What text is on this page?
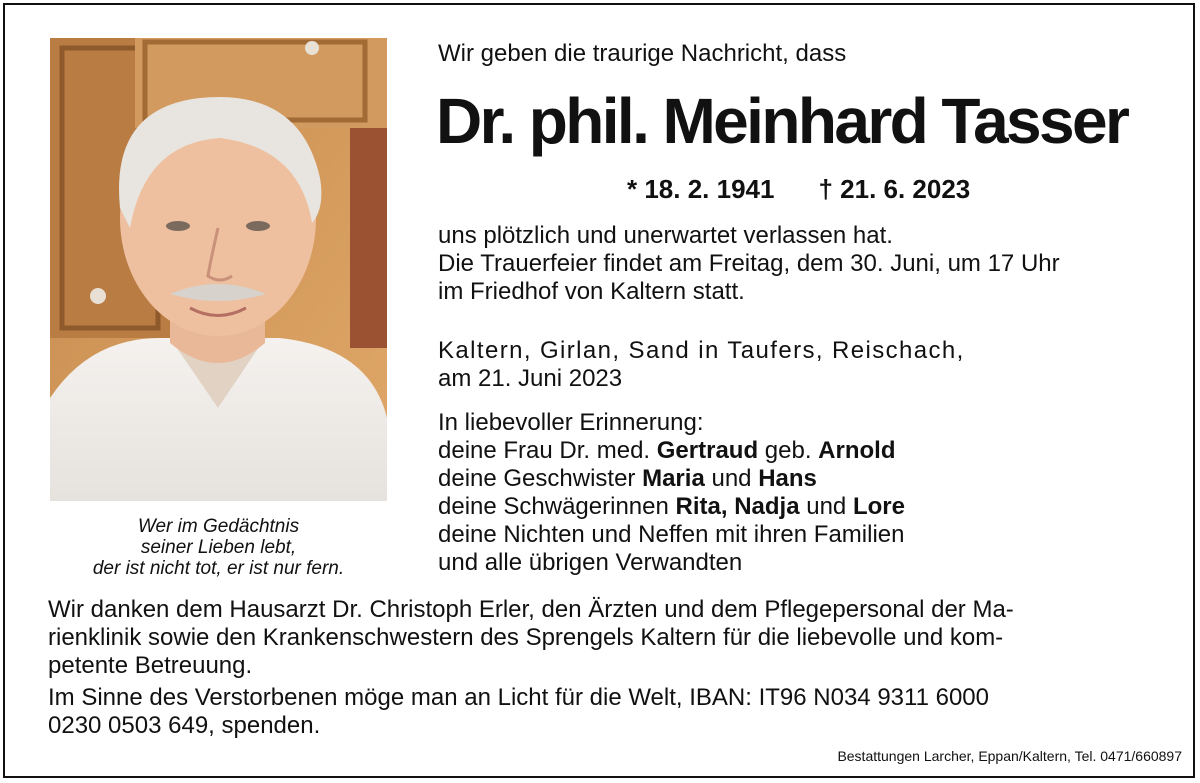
Wer im Gedächtnis
seiner Lieben lebt,
der ist nicht tot, er ist nur fern.
Wir geben die traurige Nachricht, dass
Dr. phil. Meinhard Tasser
* 18. 2. 1941 † 21. 6. 2023
uns plötzlich und unerwartet verlassen hat.
Die Trauerfeier findet am Freitag, dem 30. Juni, um 17 Uhr
im Friedhof von Kaltern statt.
Kaltern, Girlan, Sand in Taufers, Reischach,
am 21. Juni 2023
In liebevoller Erinnerung:
deine Frau Dr. med. Gertraud geb. Arnold
deine Geschwister Maria und Hans
deine Schwägerinnen Rita, Nadja und Lore
deine Nichten und Neffen mit ihren Familien
und alle übrigen Verwandten
Wir danken dem Hausarzt Dr. Christoph Erler, den Ärzten und dem Pflegepersonal der Ma-
rienklinik sowie den Krankenschwestern des Sprengels Kaltern für die liebevolle und kom-
petente Betreuung.
Im Sinne des Verstorbenen möge man an Licht für die Welt, IBAN: IT96 N034 9311 6000
0230 0503 649, spenden.
Bestattungen Larcher, Eppan/Kaltern, Tel. 0471/660897
